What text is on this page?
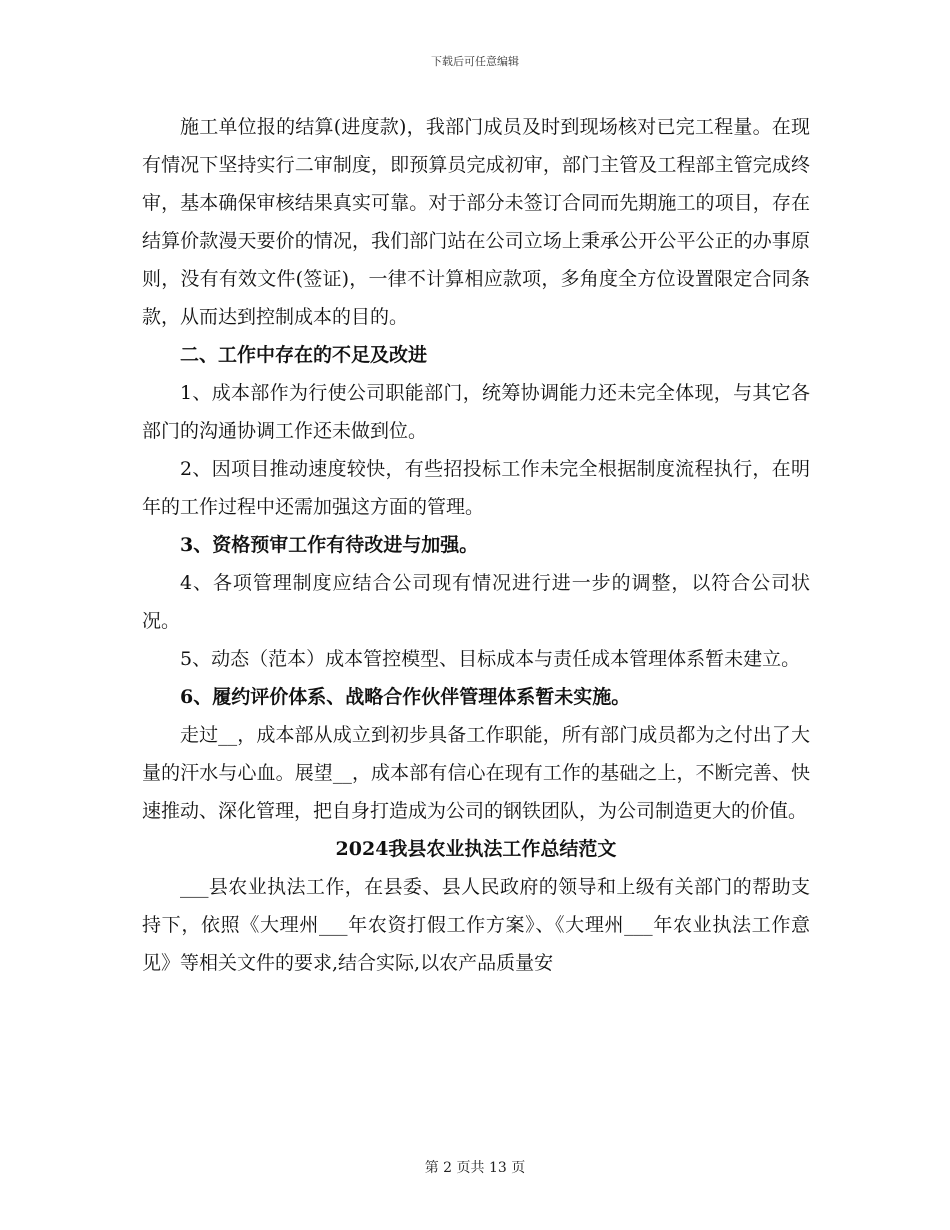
下载后可任意编辑

施工单位报的结算(进度款)，我部门成员及时到现场核对已完工程量。在现有情况下坚持实行二审制度，即预算员完成初审，部门主管及工程部主管完成终审，基本确保审核结果真实可靠。对于部分未签订合同而先期施工的项目，存在结算价款漫天要价的情况，我们部门站在公司立场上秉承公开公平公正的办事原则，没有有效文件(签证)，一律不计算相应款项，多角度全方位设置限定合同条款，从而达到控制成本的目的。

二、工作中存在的不足及改进

1、成本部作为行使公司职能部门，统筹协调能力还未完全体现，与其它各部门的沟通协调工作还未做到位。

2、因项目推动速度较快，有些招投标工作未完全根据制度流程执行，在明年的工作过程中还需加强这方面的管理。

3、资格预审工作有待改进与加强。

4、各项管理制度应结合公司现有情况进行进一步的调整，以符合公司状况。

5、动态（范本）成本管控模型、目标成本与责任成本管理体系暂未建立。

6、履约评价体系、战略合作伙伴管理体系暂未实施。

走过__，成本部从成立到初步具备工作职能，所有部门成员都为之付出了大量的汗水与心血。展望__，成本部有信心在现有工作的基础之上，不断完善、快速推动、深化管理，把自身打造成为公司的钢铁团队，为公司制造更大的价值。

2024我县农业执法工作总结范文

___县农业执法工作，在县委、县人民政府的领导和上级有关部门的帮助支持下，依照《大理州___年农资打假工作方案》、《大理州___年农业执法工作意见》等相关文件的要求,结合实际,以农产品质量安

第 2 页共 13 页
